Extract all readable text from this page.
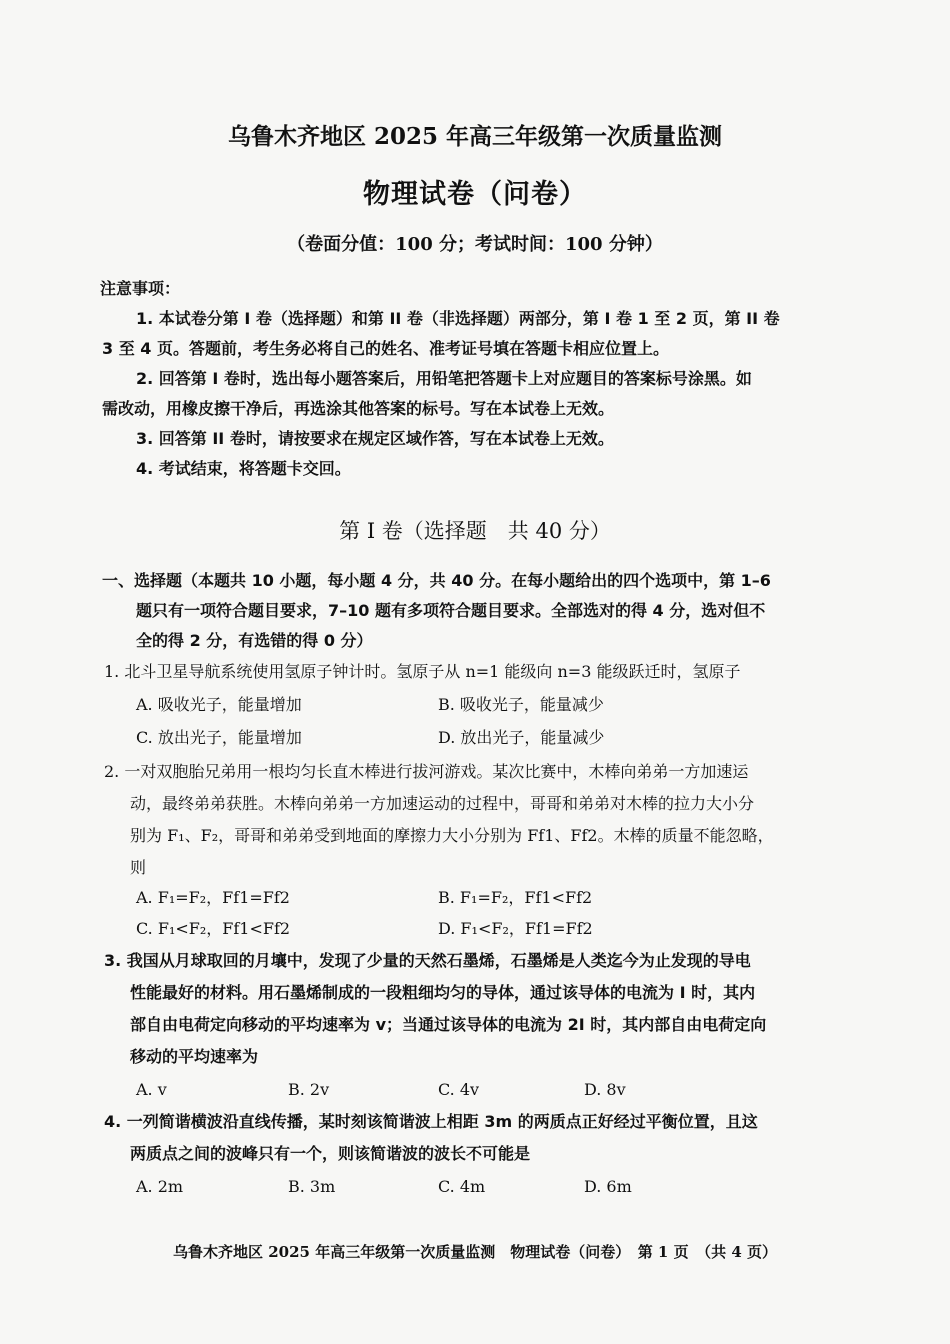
乌鲁木齐地区 2025 年高三年级第一次质量监测
物理试卷（问卷）
（卷面分值：100 分；考试时间：100 分钟）
注意事项：
1. 本试卷分第 I 卷（选择题）和第 II 卷（非选择题）两部分，第 I 卷 1 至 2 页，第 II 卷
3 至 4 页。答题前，考生务必将自己的姓名、准考证号填在答题卡相应位置上。
2. 回答第 I 卷时，选出每小题答案后，用铅笔把答题卡上对应题目的答案标号涂黑。如
需改动，用橡皮擦干净后，再选涂其他答案的标号。写在本试卷上无效。
3. 回答第 II 卷时，请按要求在规定区域作答，写在本试卷上无效。
4. 考试结束，将答题卡交回。
第 I 卷（选择题　共 40 分）
一、选择题（本题共 10 小题，每小题 4 分，共 40 分。在每小题给出的四个选项中，第 1–6
题只有一项符合题目要求，7–10 题有多项符合题目要求。全部选对的得 4 分，选对但不
全的得 2 分，有选错的得 0 分）
1. 北斗卫星导航系统使用氢原子钟计时。氢原子从 n=1 能级向 n=3 能级跃迁时，氢原子
A. 吸收光子，能量增加	B. 吸收光子，能量减少
C. 放出光子，能量增加	D. 放出光子，能量减少
2. 一对双胞胎兄弟用一根均匀长直木棒进行拔河游戏。某次比赛中，木棒向弟弟一方加速运
动，最终弟弟获胜。木棒向弟弟一方加速运动的过程中，哥哥和弟弟对木棒的拉力大小分
别为 F₁、F₂，哥哥和弟弟受到地面的摩擦力大小分别为 Ff1、Ff2。木棒的质量不能忽略，
则
A. F₁=F₂，Ff1=Ff2	B. F₁=F₂，Ff1<Ff2
C. F₁<F₂，Ff1<Ff2	D. F₁<F₂，Ff1=Ff2
3. 我国从月球取回的月壤中，发现了少量的天然石墨烯，石墨烯是人类迄今为止发现的导电
性能最好的材料。用石墨烯制成的一段粗细均匀的导体，通过该导体的电流为 I 时，其内
部自由电荷定向移动的平均速率为 v；当通过该导体的电流为 2I 时，其内部自由电荷定向
移动的平均速率为
A. v	B. 2v	C. 4v	D. 8v
4. 一列简谐横波沿直线传播，某时刻该简谐波上相距 3m 的两质点正好经过平衡位置，且这
两质点之间的波峰只有一个，则该简谐波的波长不可能是
A. 2m	B. 3m	C. 4m	D. 6m
乌鲁木齐地区 2025 年高三年级第一次质量监测　物理试卷（问卷）　第 1 页　（共 4 页）
